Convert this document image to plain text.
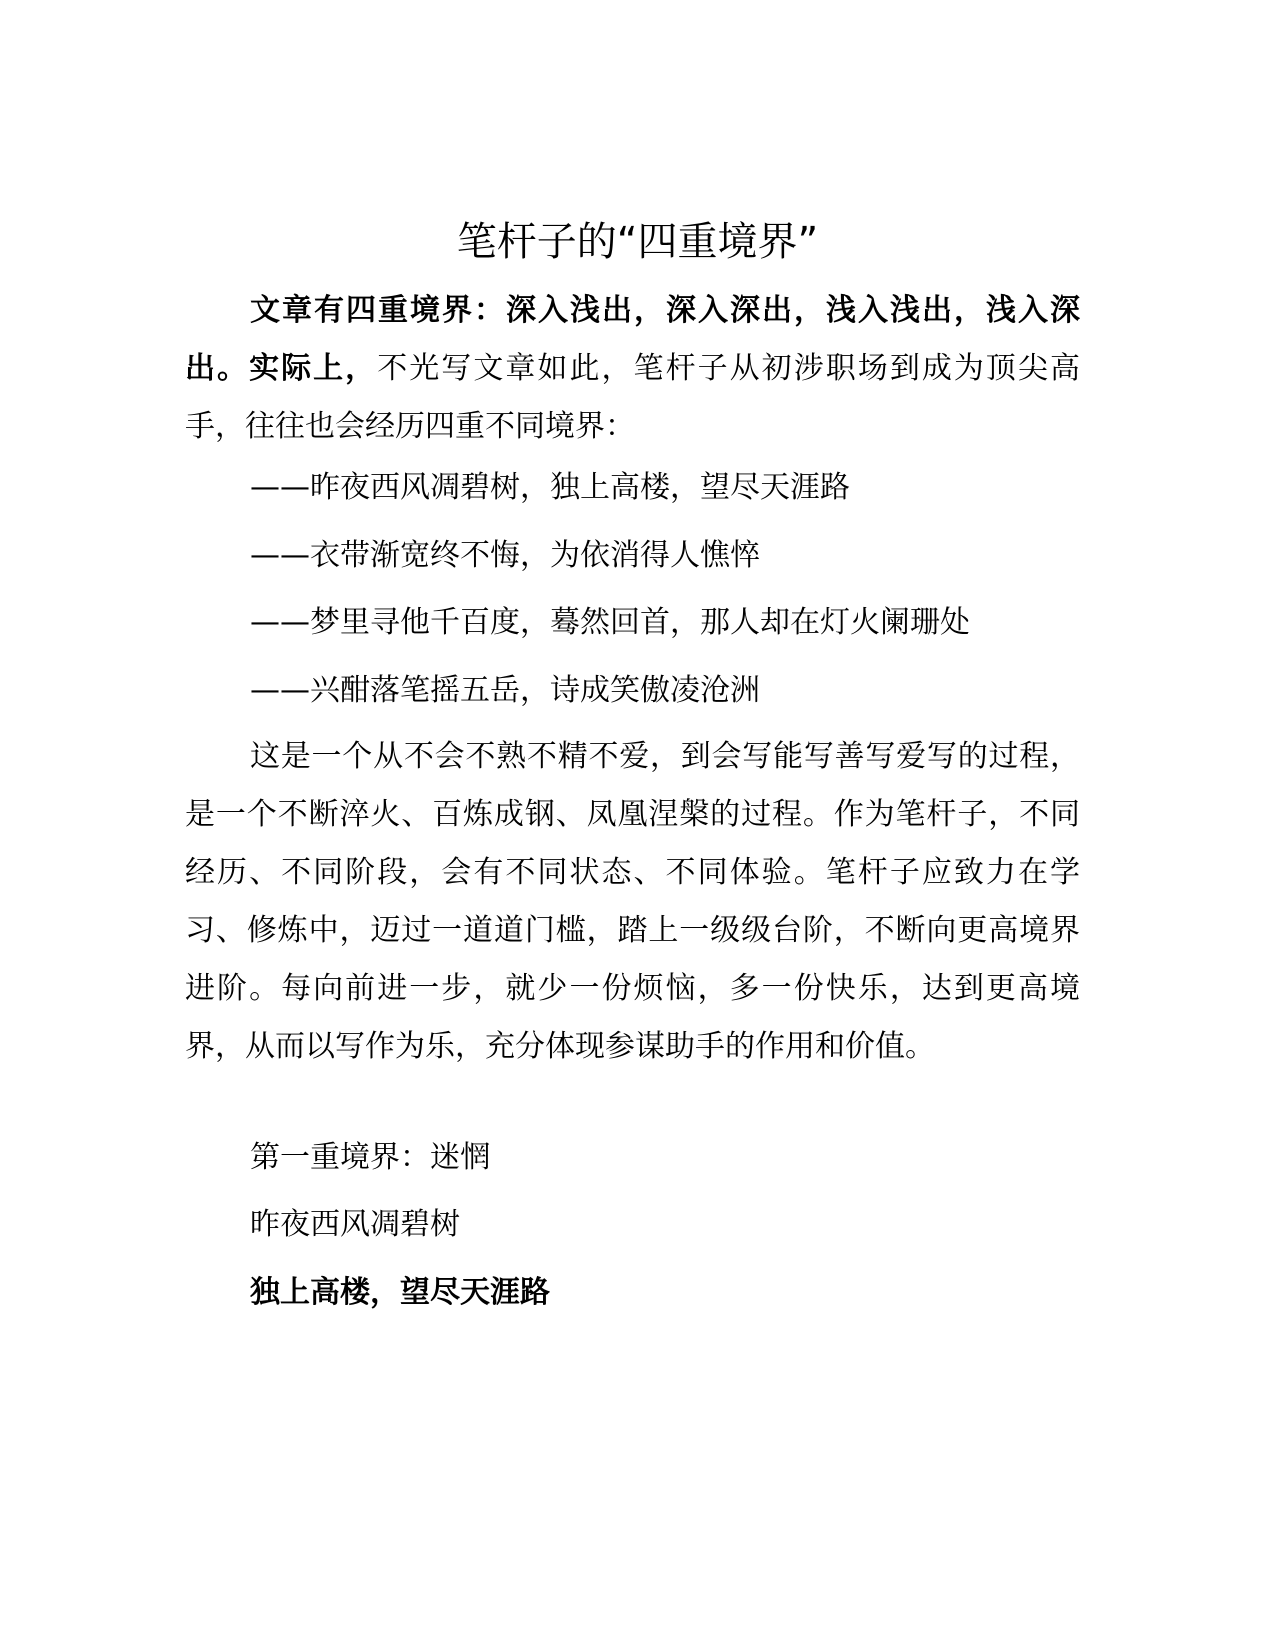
笔杆子的“四重境界”

文章有四重境界：深入浅出，深入深出，浅入浅出，浅入深出。实际上，不光写文章如此，笔杆子从初涉职场到成为顶尖高手，往往也会经历四重不同境界：

——昨夜西风凋碧树，独上高楼，望尽天涯路

——衣带渐宽终不悔，为依消得人憔悴

——梦里寻他千百度，蓦然回首，那人却在灯火阑珊处

——兴酣落笔摇五岳，诗成笑傲凌沧洲

这是一个从不会不熟不精不爱，到会写能写善写爱写的过程，是一个不断淬火、百炼成钢、凤凰涅槃的过程。作为笔杆子，不同经历、不同阶段，会有不同状态、不同体验。笔杆子应致力在学习、修炼中，迈过一道道门槛，踏上一级级台阶，不断向更高境界进阶。每向前进一步，就少一份烦恼，多一份快乐，达到更高境界，从而以写作为乐，充分体现参谋助手的作用和价值。

第一重境界：迷惘

昨夜西风凋碧树

独上高楼，望尽天涯路
